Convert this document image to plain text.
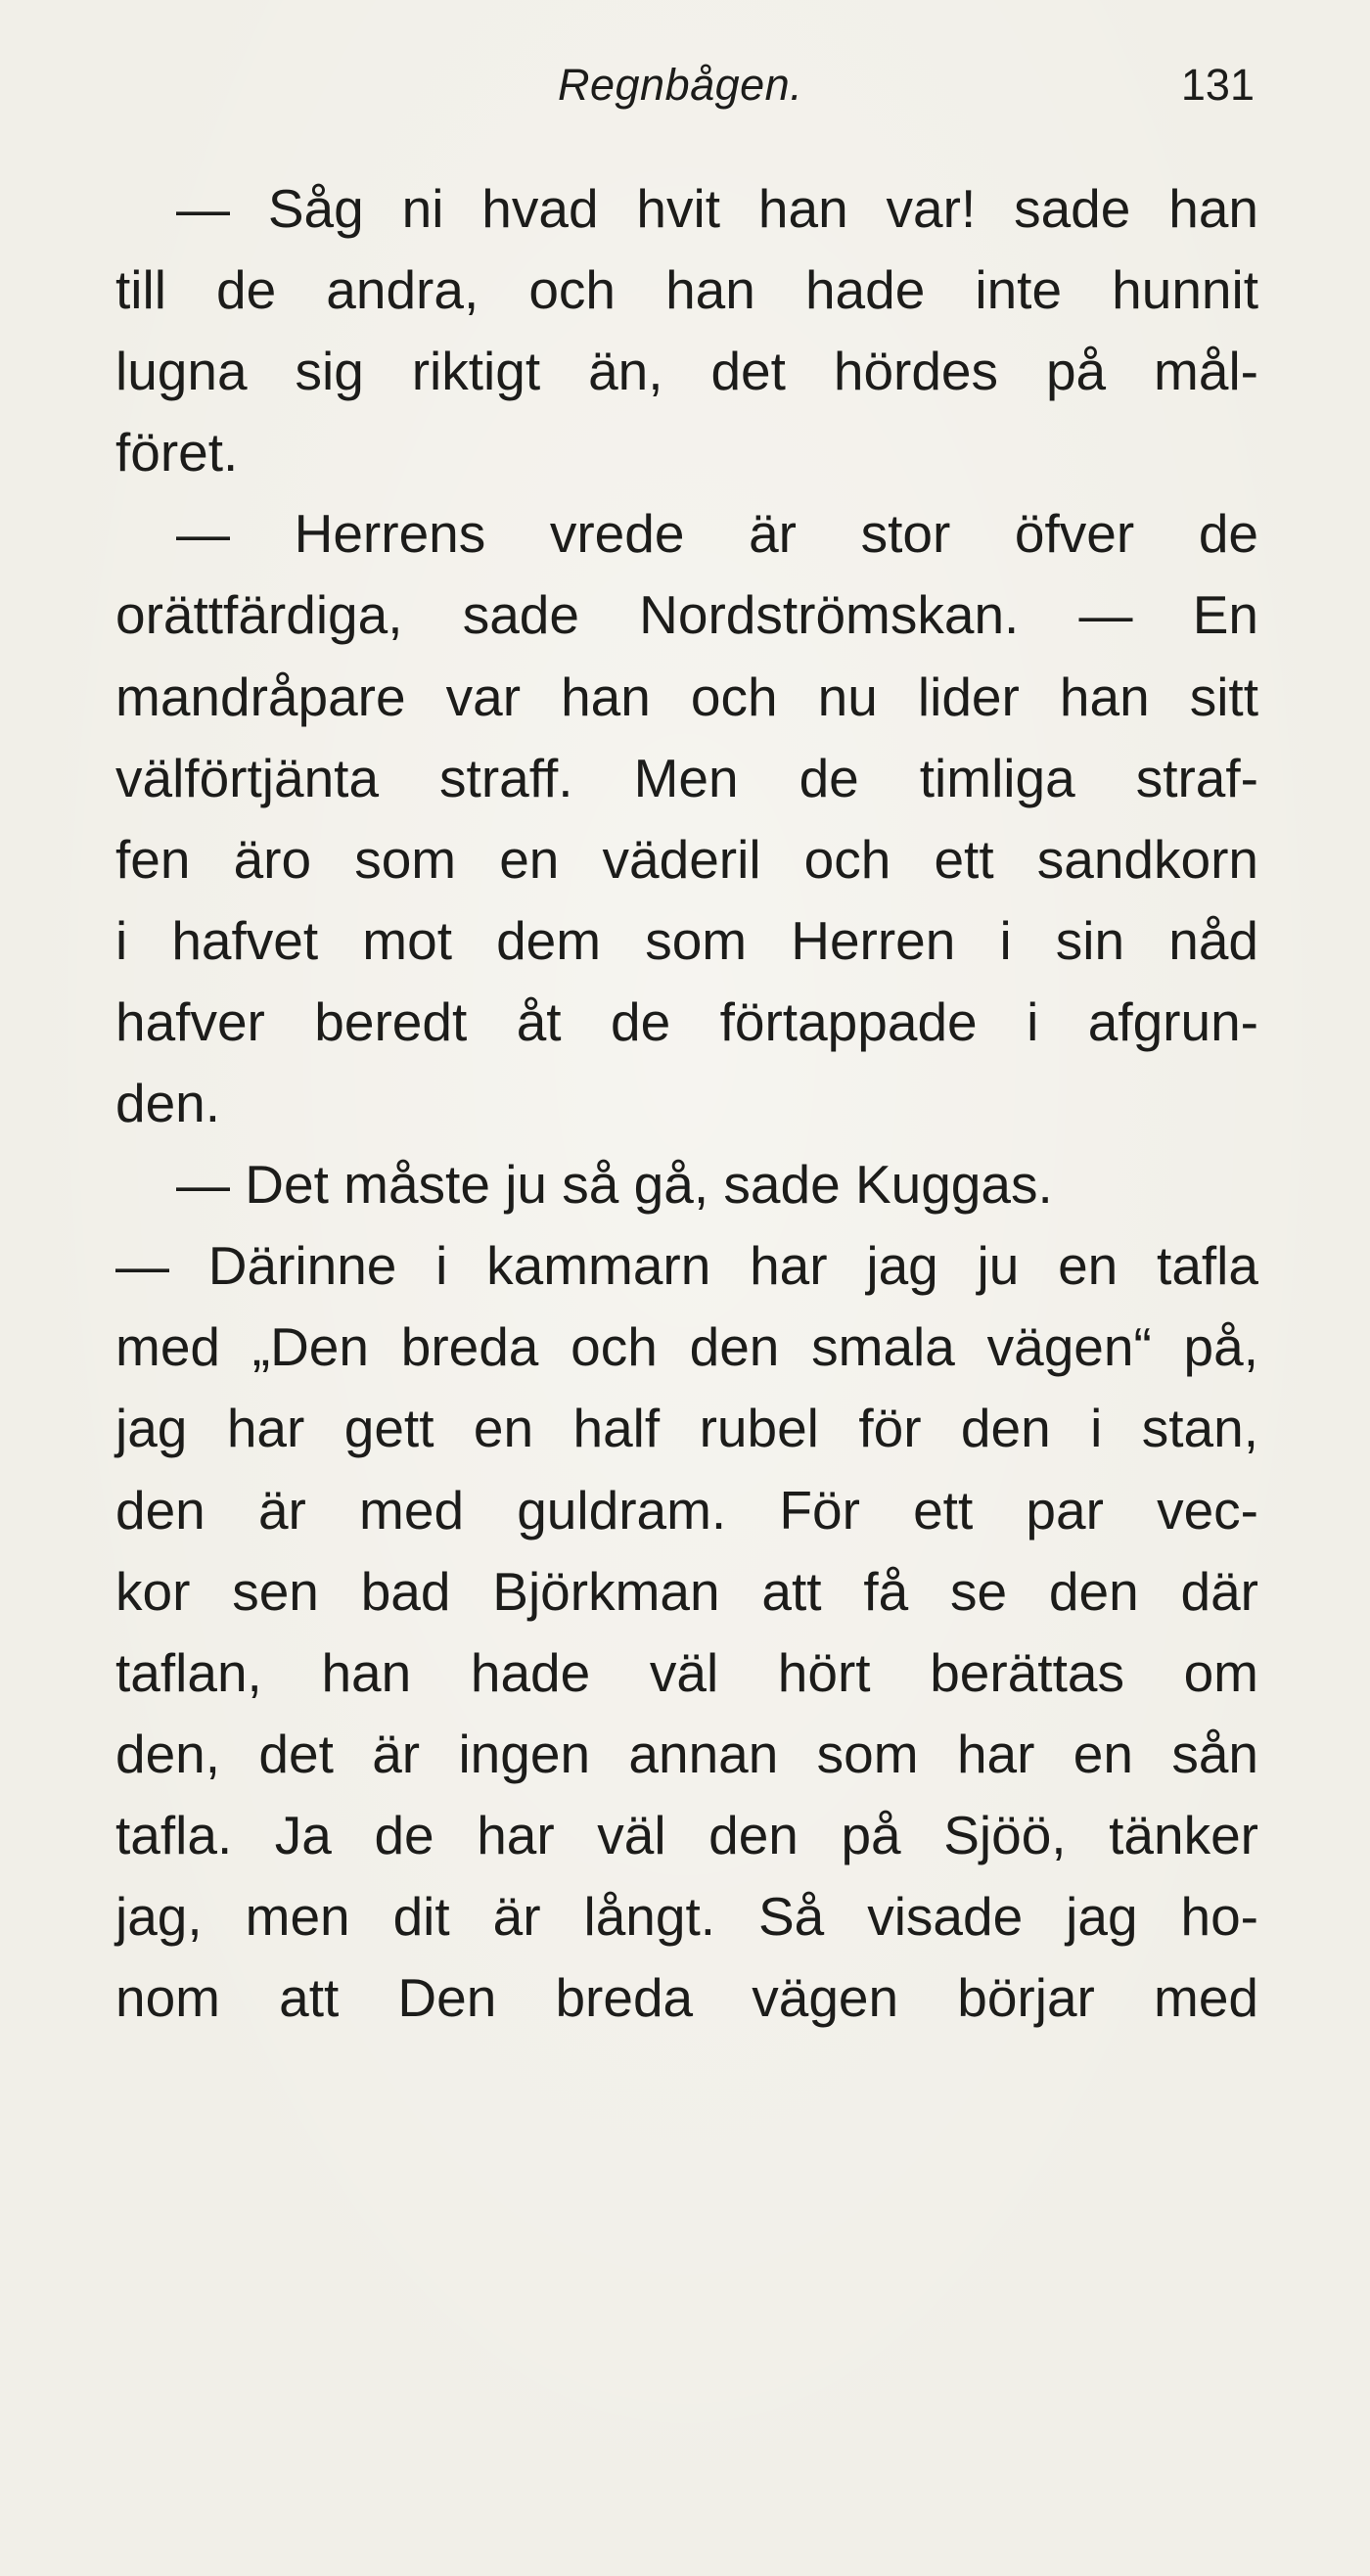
Regnbågen.	131
— Såg ni hvad hvit han var! sade han
till de andra, och han hade inte hunnit
lugna sig riktigt än, det hördes på mål-
föret.
— Herrens vrede är stor öfver de
orättfärdiga, sade Nordströmskan. — En
mandråpare var han och nu lider han sitt
välförtjänta straff. Men de timliga straf-
fen äro som en väderil och ett sandkorn
i hafvet mot dem som Herren i sin nåd
hafver beredt åt de förtappade i afgrun-
den.
— Det måste ju så gå, sade Kuggas.
— Därinne i kammarn har jag ju en tafla
med „Den breda och den smala vägen“ på,
jag har gett en half rubel för den i stan,
den är med guldram. För ett par vec-
kor sen bad Björkman att få se den där
taflan, han hade väl hört berättas om
den, det är ingen annan som har en sån
tafla. Ja de har väl den på Sjöö, tänker
jag, men dit är långt. Så visade jag ho-
nom att Den breda vägen börjar med
